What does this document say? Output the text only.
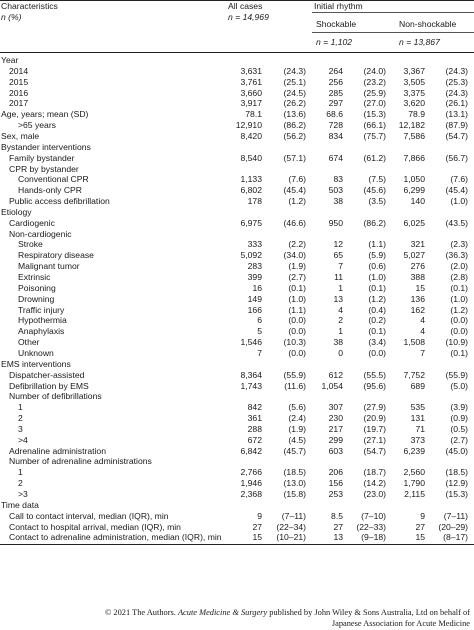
Characteristics
n (%)
All cases
n = 14,969
Initial rhythm
Shockable	Non-shockable
n = 1,102	n = 13,867
Year
2014	3,631	(24.3)	264 (24.0) 3,367 (24.3)
2015	3,761	(25.1)	256 (23.2) 3,505 (25.3)
2016	3,660	(24.5)	285 (25.9) 3,375 (24.3)
2017	3,917	(26.2)	297 (27.0) 3,620 (26.1)
Age, years; mean (SD)	78.1	(13.6) 68.6 (15.3)	78.9 (13.1)
>65 years	12,910	(86.2)	728 (66.1) 12,182 (87.9)
Sex, male	8,420	(56.2)	834 (75.7) 7,586 (54.7)
Bystander interventions
Family bystander	8,540	(57.1)	674 (61.2) 7,866 (56.7)
CPR by bystander
Conventional CPR	1,133	(7.6)	83	(7.5) 1,050	(7.6)
Hands-only CPR	6,802	(45.4)	503 (45.6) 6,299 (45.4)
Public access defibrillation	178	(1.2)	38	(3.5)	140	(1.0)
Etiology
Cardiogenic	6,975	(46.6)	950 (86.2) 6,025 (43.5)
Non-cardiogenic
Stroke	333	(2.2)	12	(1.1)	321	(2.3)
Respiratory disease	5,092	(34.0)	65	(5.9) 5,027 (36.3)
Malignant tumor	283	(1.9)	7	(0.6)	276	(2.0)
Extrinsic	399	(2.7)	11	(1.0)	388	(2.8)
Poisoning	16	(0.1)	1	(0.1)	15	(0.1)
Drowning	149	(1.0)	13	(1.2)	136	(1.0)
Traffic injury	166	(1.1)	4	(0.4)	162	(1.2)
Hypothermia	6	(0.0)	2	(0.2)	4	(0.0)
Anaphylaxis	5	(0.0)	1	(0.1)	4	(0.0)
Other	1,546	(10.3)	38	(3.4) 1,508 (10.9)
Unknown	7	(0.0)	0	(0.0)	7	(0.1)
EMS interventions
Dispatcher-assisted	8,364	(55.9)	612 (55.5) 7,752 (55.9)
Defibrillation by EMS	1,743	(11.6) 1,054 (95.6)	689	(5.0)
Number of defibrillations
1	842	(5.6)	307 (27.9)	535	(3.9)
2	361	(2.4)	230 (20.9)	131	(0.9)
3	288	(1.9)	217 (19.7)	71	(0.5)
>4	672	(4.5)	299 (27.1)	373	(2.7)
Adrenaline administration	6,842	(45.7)	603 (54.7) 6,239 (45.0)
Number of adrenaline administrations
1	2,766	(18.5)	206 (18.7) 2,560 (18.5)
2	1,946	(13.0)	156 (14.2) 1,790 (12.9)
>3	2,368	(15.8)	253 (23.0) 2,115 (15.3)
Time data
Call to contact interval, median (IQR), min	9 (7–11)	8.5 (7–10)	9 (7–11)
Contact to hospital arrival, median (IQR), min	27 (22–34)	27 (22–33)	27 (20–29)
Contact to adrenaline administration, median (IQR), min	15 (10–21)	13 (9–18)	15 (8–17)
© 2021 The Authors. Acute Medicine & Surgery published by John Wiley & Sons Australia, Ltd on behalf of
Japanese Association for Acute Medicine
